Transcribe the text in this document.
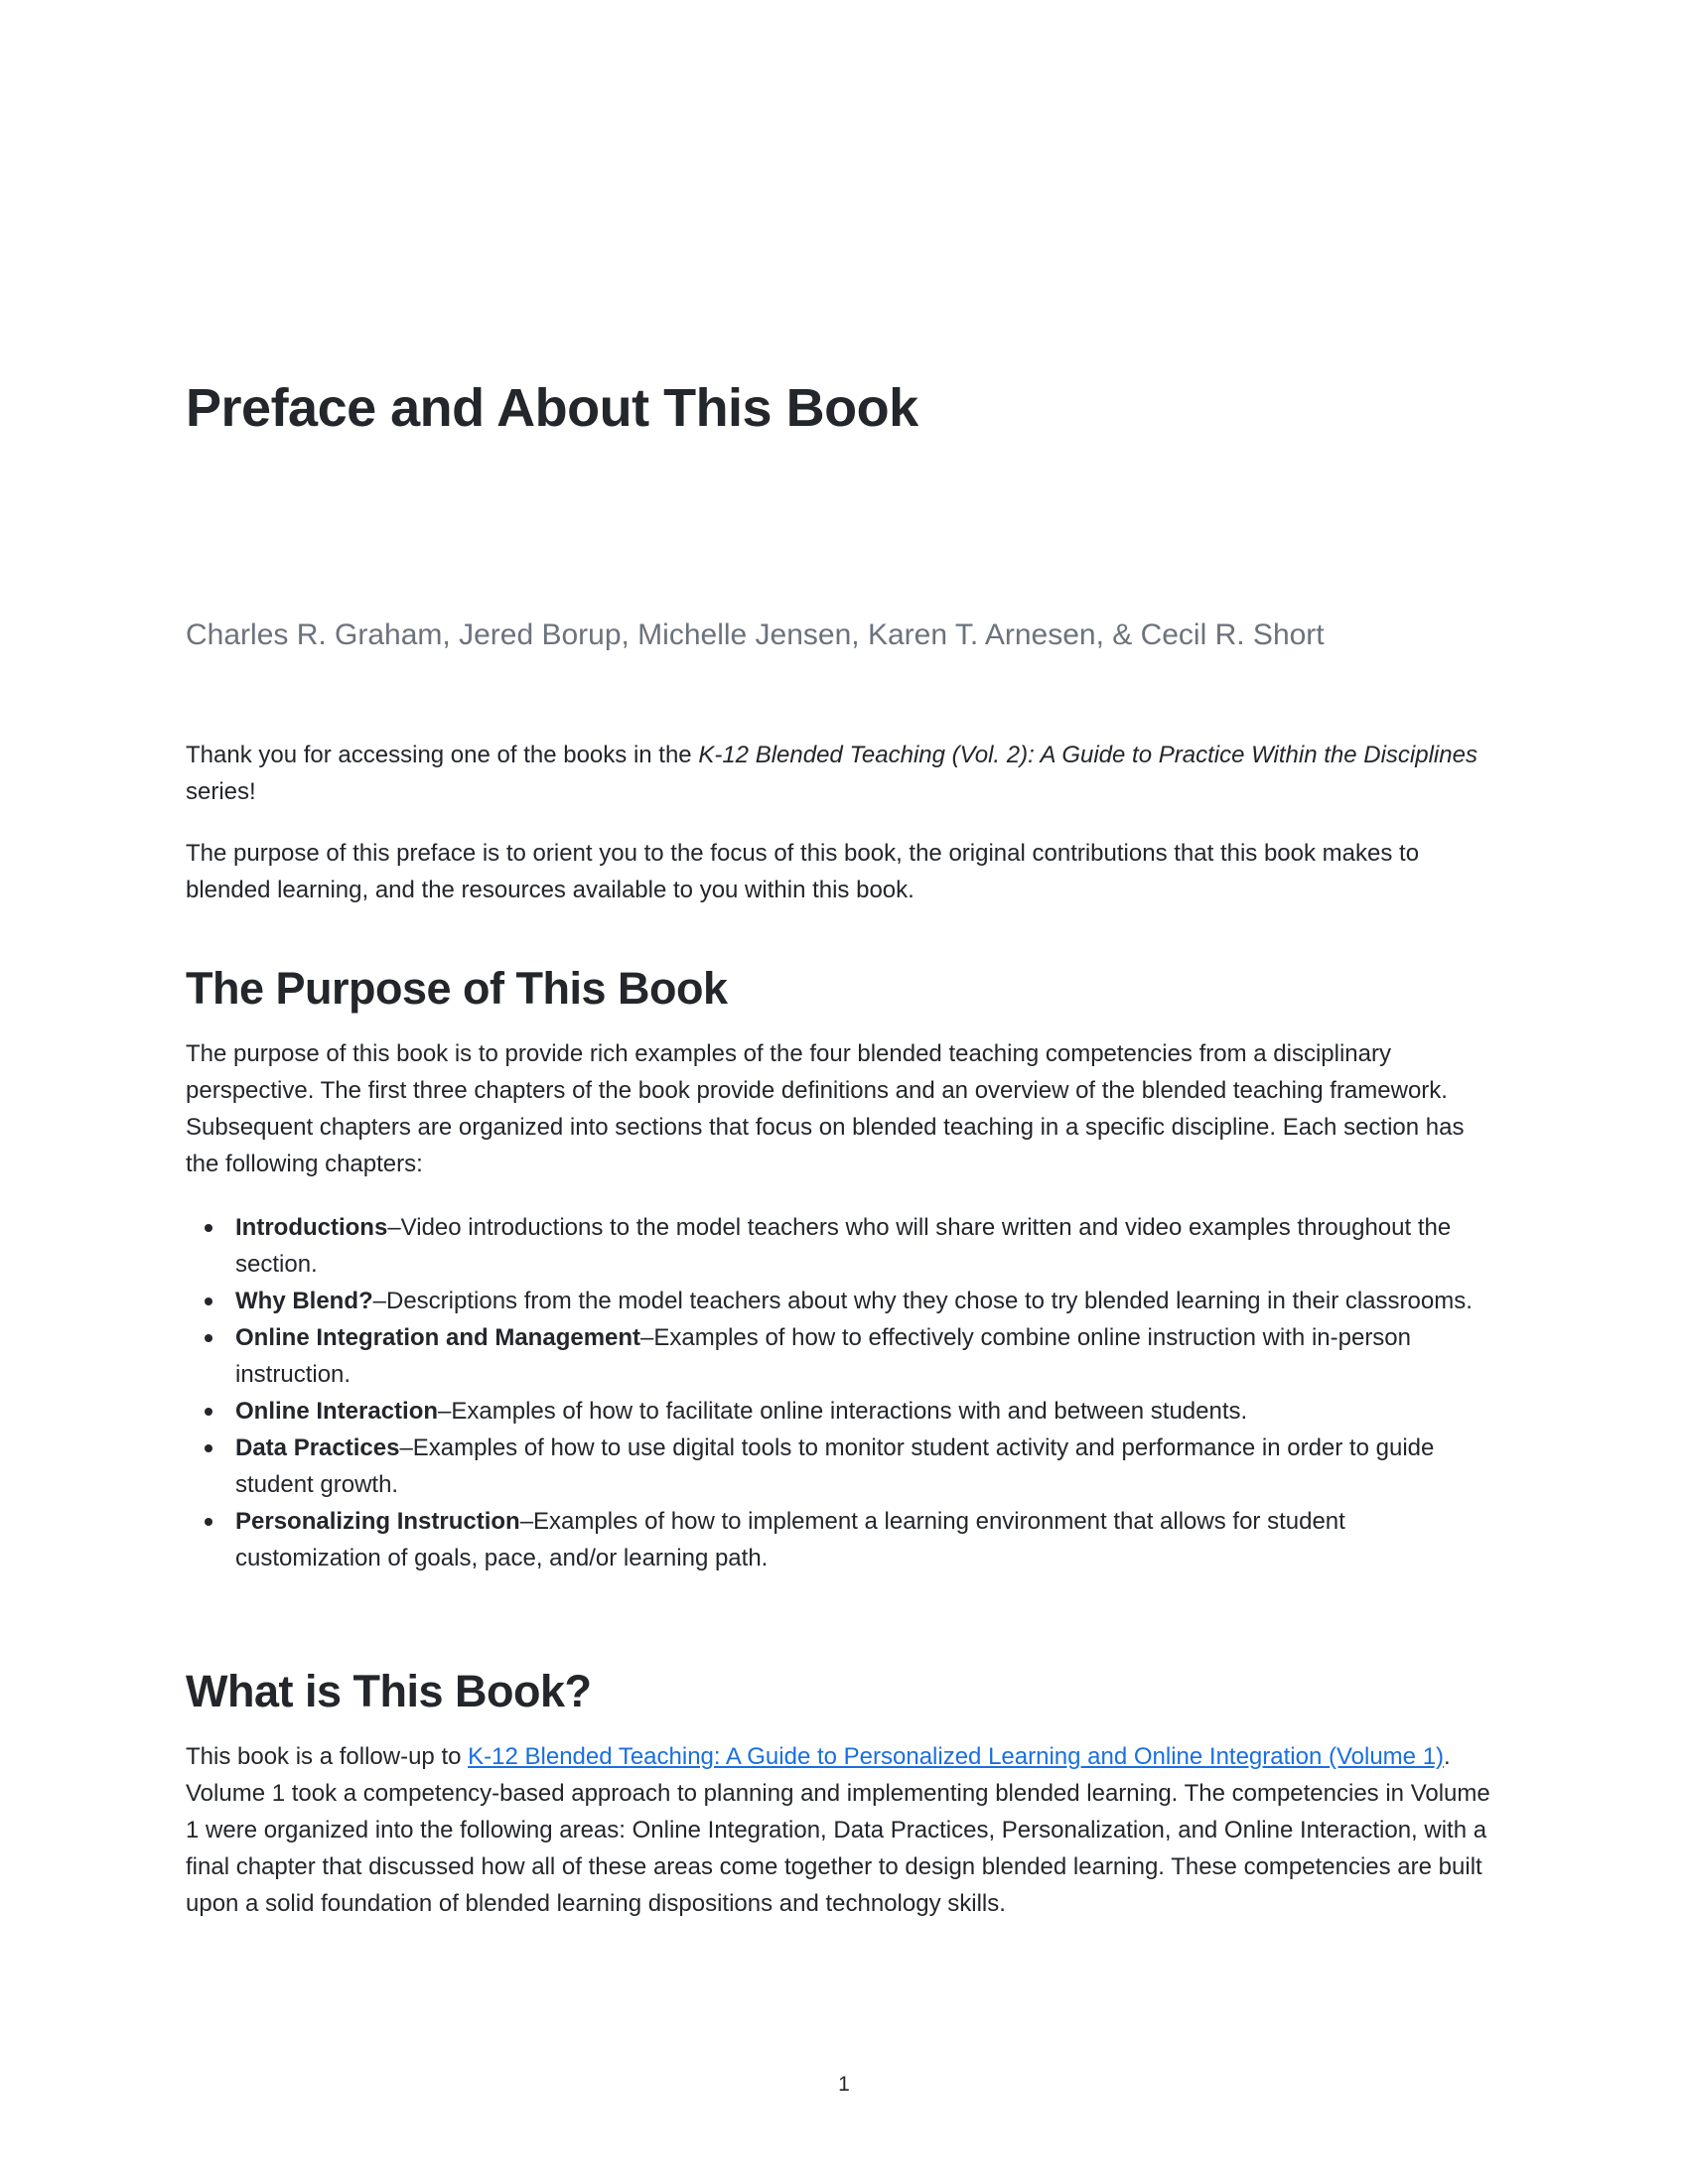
Preface and About This Book

Charles R. Graham, Jered Borup, Michelle Jensen, Karen T. Arnesen, & Cecil R. Short

Thank you for accessing one of the books in the K-12 Blended Teaching (Vol. 2): A Guide to Practice Within the Disciplines series!

The purpose of this preface is to orient you to the focus of this book, the original contributions that this book makes to blended learning, and the resources available to you within this book.

The Purpose of This Book

The purpose of this book is to provide rich examples of the four blended teaching competencies from a disciplinary perspective. The first three chapters of the book provide definitions and an overview of the blended teaching framework. Subsequent chapters are organized into sections that focus on blended teaching in a specific discipline. Each section has the following chapters:

Introductions–Video introductions to the model teachers who will share written and video examples throughout the section.
Why Blend?–Descriptions from the model teachers about why they chose to try blended learning in their classrooms.
Online Integration and Management–Examples of how to effectively combine online instruction with in-person instruction.
Online Interaction–Examples of how to facilitate online interactions with and between students.
Data Practices–Examples of how to use digital tools to monitor student activity and performance in order to guide student growth.
Personalizing Instruction–Examples of how to implement a learning environment that allows for student customization of goals, pace, and/or learning path.
What is This Book?

This book is a follow-up to K-12 Blended Teaching: A Guide to Personalized Learning and Online Integration (Volume 1). Volume 1 took a competency-based approach to planning and implementing blended learning. The competencies in Volume 1 were organized into the following areas: Online Integration, Data Practices, Personalization, and Online Interaction, with a final chapter that discussed how all of these areas come together to design blended learning. These competencies are built upon a solid foundation of blended learning dispositions and technology skills.

1
